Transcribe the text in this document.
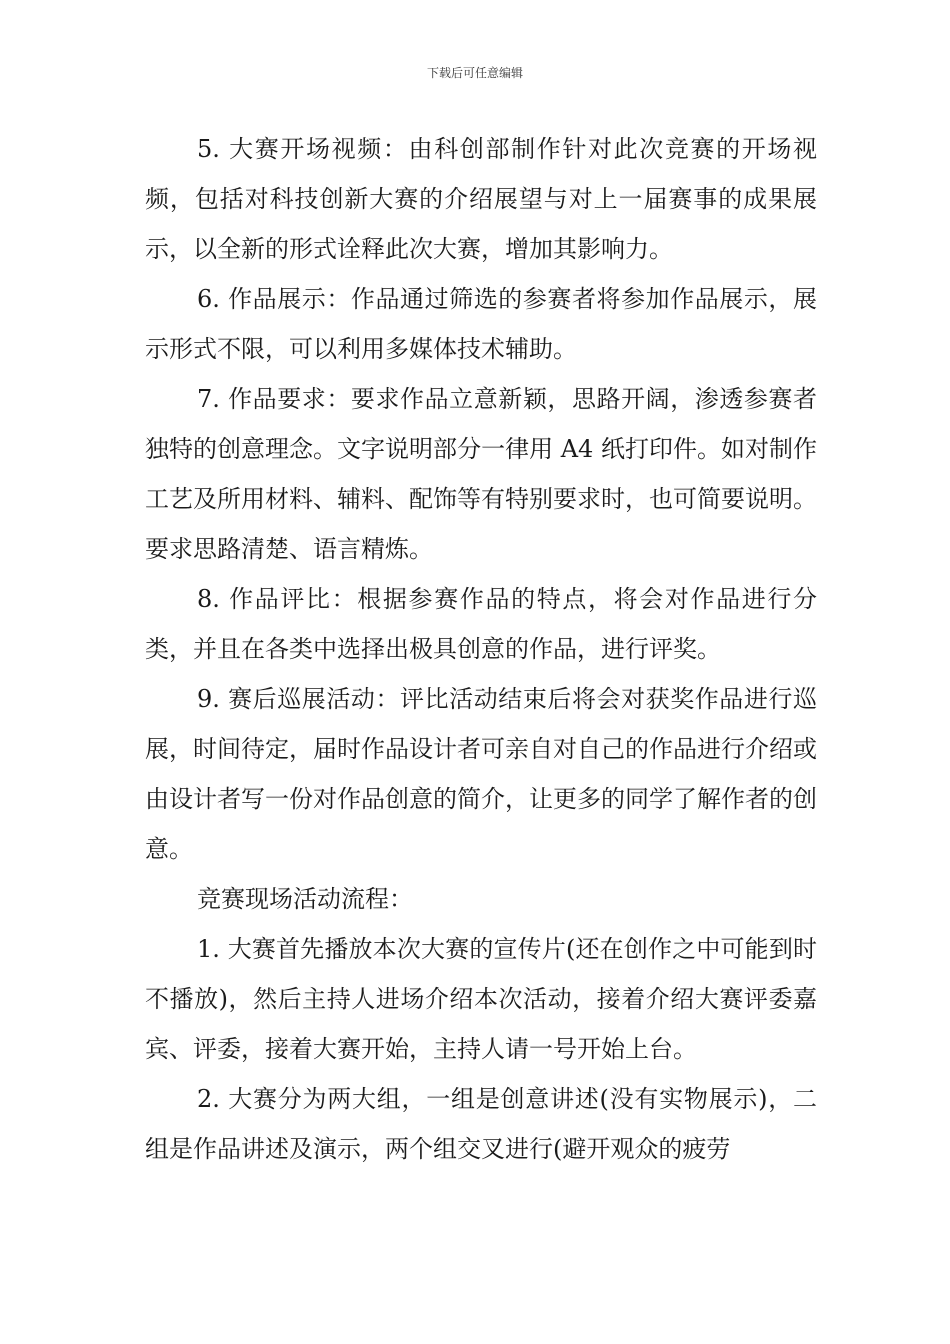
下载后可任意编辑

5. 大赛开场视频：由科创部制作针对此次竞赛的开场视频，包括对科技创新大赛的介绍展望与对上一届赛事的成果展示，以全新的形式诠释此次大赛，增加其影响力。

6. 作品展示：作品通过筛选的参赛者将参加作品展示，展示形式不限，可以利用多媒体技术辅助。

7. 作品要求：要求作品立意新颖，思路开阔，渗透参赛者独特的创意理念。文字说明部分一律用 A4 纸打印件。如对制作工艺及所用材料、辅料、配饰等有特别要求时，也可简要说明。要求思路清楚、语言精炼。

8. 作品评比：根据参赛作品的特点，将会对作品进行分类，并且在各类中选择出极具创意的作品，进行评奖。

9. 赛后巡展活动：评比活动结束后将会对获奖作品进行巡展，时间待定，届时作品设计者可亲自对自己的作品进行介绍或由设计者写一份对作品创意的简介，让更多的同学了解作者的创意。

竞赛现场活动流程：

1. 大赛首先播放本次大赛的宣传片(还在创作之中可能到时不播放)，然后主持人进场介绍本次活动，接着介绍大赛评委嘉宾、评委，接着大赛开始，主持人请一号开始上台。

2. 大赛分为两大组，一组是创意讲述(没有实物展示)，二组是作品讲述及演示，两个组交叉进行(避开观众的疲劳
